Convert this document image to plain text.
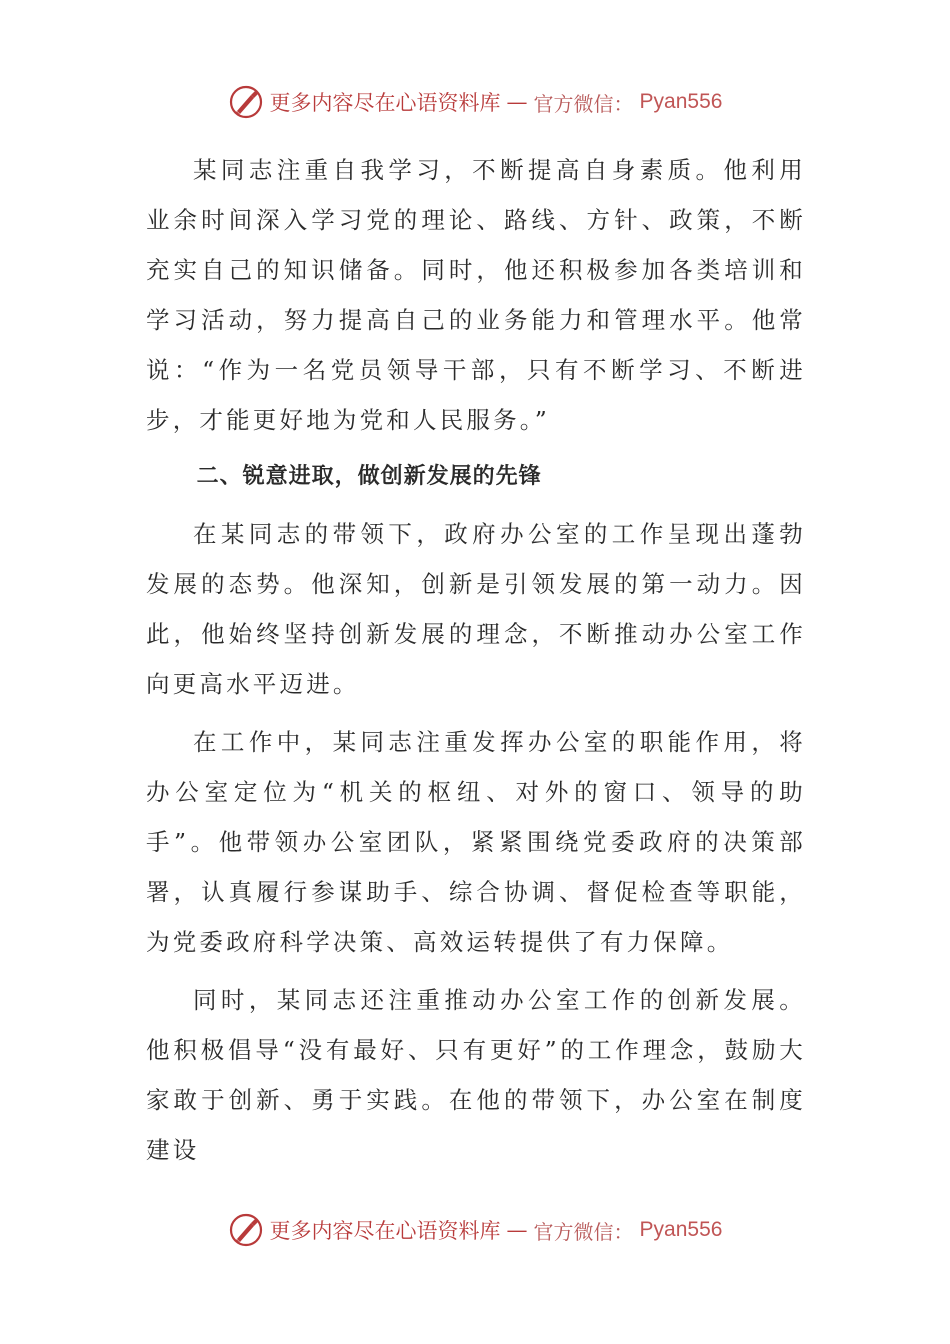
更多内容尽在心语资料库 — 官方微信： Pyan556

某同志注重自我学习，不断提高自身素质。他利用业余时间深入学习党的理论、路线、方针、政策，不断充实自己的知识储备。同时，他还积极参加各类培训和学习活动，努力提高自己的业务能力和管理水平。他常说：“作为一名党员领导干部，只有不断学习、不断进步，才能更好地为党和人民服务。”

二、锐意进取，做创新发展的先锋

在某同志的带领下，政府办公室的工作呈现出蓬勃发展的态势。他深知，创新是引领发展的第一动力。因此，他始终坚持创新发展的理念，不断推动办公室工作向更高水平迈进。

在工作中，某同志注重发挥办公室的职能作用，将办公室定位为“机关的枢纽、对外的窗口、领导的助手”。他带领办公室团队，紧紧围绕党委政府的决策部署，认真履行参谋助手、综合协调、督促检查等职能，为党委政府科学决策、高效运转提供了有力保障。

同时，某同志还注重推动办公室工作的创新发展。他积极倡导“没有最好、只有更好”的工作理念，鼓励大家敢于创新、勇于实践。在他的带领下，办公室在制度建设

更多内容尽在心语资料库 — 官方微信： Pyan556
